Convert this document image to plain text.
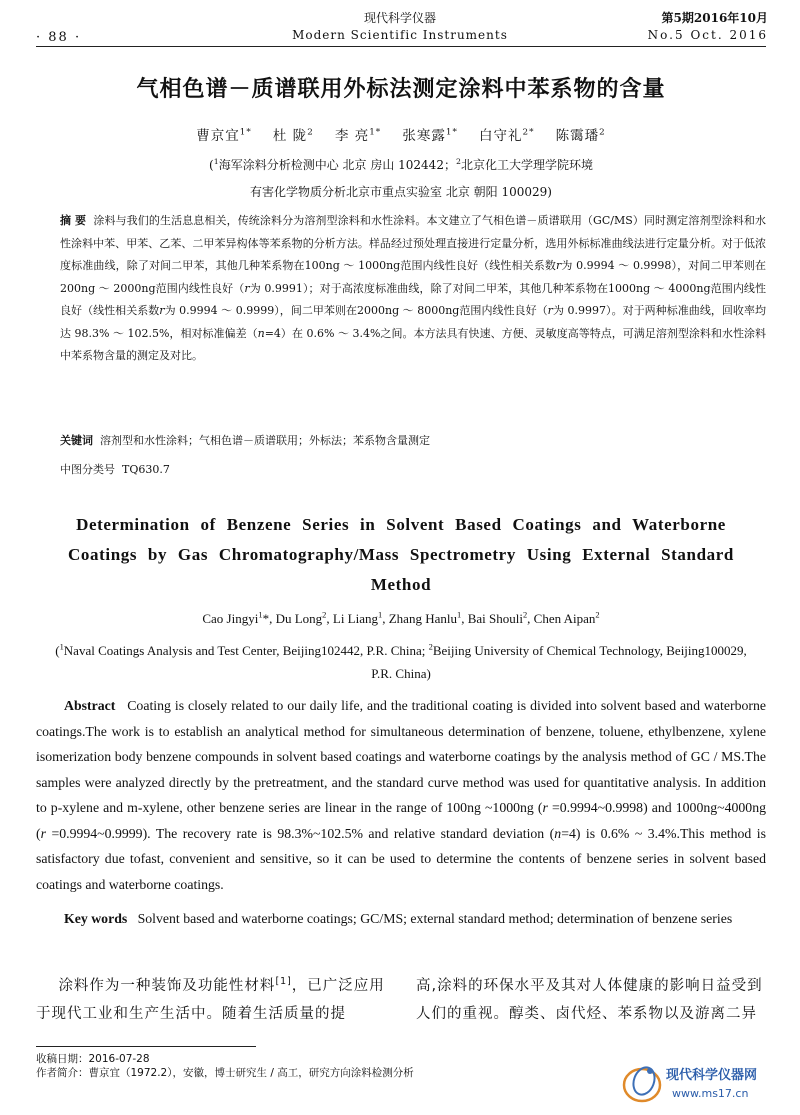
· 88 ·
现代科学仪器
Modern Scientific Instruments
第5期2016年10月
No.5 Oct. 2016
气相色谱－质谱联用外标法测定涂料中苯系物的含量
曹京宜$^{1*}$ 杜 陇$^2$ 李 亮$^{1*}$ 张寒露$^{1*}$ 白守礼$^{2*}$ 陈霭璠$^2$
($^1$海军涂料分析检测中心 北京 房山 102442；$^2$北京化工大学理学院环境
有害化学物质分析北京市重点实验室 北京 朝阳 100029)
摘 要 涂料与我们的生活息息相关，传统涂料分为溶剂型涂料和水性涂料。本文建立了气相色谱－质谱联用（GC/MS）同时测定溶剂型涂料和水性涂料中苯、甲苯、乙苯、二甲苯异构体等苯系物的分析方法。样品经过预处理直接进行定量分析，选用外标标准曲线法进行定量分析。对于低浓度标准曲线，除了对间二甲苯，其他几种苯系物在100ng ～ 1000ng范围内线性良好（线性相关系数r为 0.9994 ～ 0.9998），对间二甲苯则在200ng ～ 2000ng范围内线性良好（r为 0.9991）；对于高浓度标准曲线，除了对间二甲苯，其他几种苯系物在1000ng ～ 4000ng范围内线性良好（线性相关系数r为 0.9994 ～ 0.9999），间二甲苯则在2000ng ～ 8000ng范围内线性良好（r为 0.9997）。对于两种标准曲线，回收率均达 98.3% ～ 102.5%，相对标准偏差（n=4）在 0.6% ～ 3.4%之间。本方法具有快速、方便、灵敏度高等特点，可满足溶剂型涂料和水性涂料中苯系物含量的测定及对比。
关键词 溶剂型和水性涂料；气相色谱－质谱联用；外标法；苯系物含量测定
中图分类号 TQ630.7
Determination of Benzene Series in Solvent Based Coatings and Waterborne
Coatings by Gas Chromatography/Mass Spectrometry Using External Standard
Method
Cao Jingyi$^1$*, Du Long$^2$, Li Liang$^1$, Zhang Hanlu$^1$, Bai Shouli$^2$, Chen Aipan$^2$
($^1$Naval Coatings Analysis and Test Center, Beijing102442, P.R. China; $^2$Beijing University of Chemical Technology, Beijing100029,
P.R. China)
Abstract Coating is closely related to our daily life, and the traditional coating is divided into solvent based and waterborne coatings.The work is to establish an analytical method for simultaneous determination of benzene, toluene, ethylbenzene, xylene isomerization body benzene compounds in solvent based coatings and waterborne coatings by the analysis method of GC / MS.The samples were analyzed directly by the pretreatment, and the standard curve method was used for quantitative analysis. In addition to p-xylene and m-xylene, other benzene series are linear in the range of 100ng ~1000ng (r =0.9994~0.9998) and 1000ng~4000ng (r =0.9994~0.9999). The recovery rate is 98.3%~102.5% and relative standard deviation (n=4) is 0.6% ~ 3.4%.This method is satisfactory due tofast, convenient and sensitive, so it can be used to determine the contents of benzene series in solvent based coatings and waterborne coatings.
Key words Solvent based and waterborne coatings; GC/MS; external standard method; determination of benzene series
涂料作为一种装饰及功能性材料[1]，已广泛应用于现代工业和生产生活中。随着生活质量的提
高,涂料的环保水平及其对人体健康的影响日益受到人们的重视。醇类、卤代烃、苯系物以及游离二异
收稿日期：2016-07-28
作者简介：曹京宜（1972.2），安徽，博士研究生 / 高工，研究方向涂料检测分析	现代科学仪器网
www.ms17.cn
